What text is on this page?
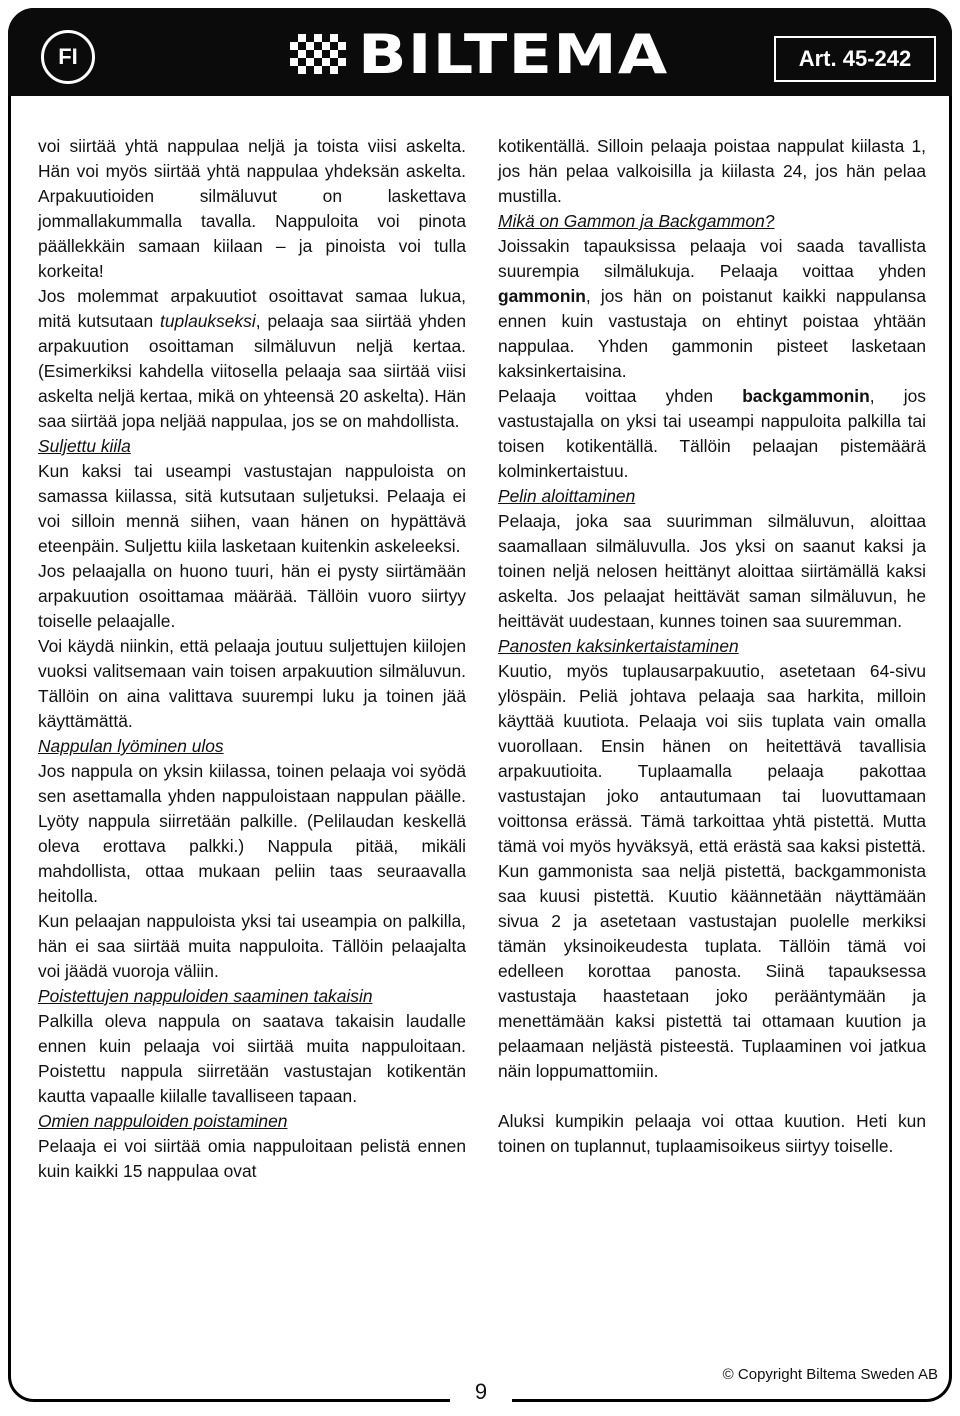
FI	BILTEMA	Art. 45-242

voi siirtää yhtä nappulaa neljä ja toista viisi askelta. Hän voi myös siirtää yhtä nappulaa yhdeksän askelta. Arpakuutioiden silmäluvut on laskettava jommallakummalla tavalla. Nappuloita voi pinota päällekkäin samaan kiilaan – ja pinoista voi tulla korkeita!

Jos molemmat arpakuutiot osoittavat samaa lukua, mitä kutsutaan tuplaukseksi, pelaaja saa siirtää yhden arpakuution osoittaman silmäluvun neljä kertaa. (Esimerkiksi kahdella viitosella pelaaja saa siirtää viisi askelta neljä kertaa, mikä on yhteensä 20 askelta). Hän saa siirtää jopa neljää nappulaa, jos se on mahdollista.

Suljettu kiila

Kun kaksi tai useampi vastustajan nappuloista on samassa kiilassa, sitä kutsutaan suljetuksi. Pelaaja ei voi silloin mennä siihen, vaan hänen on hypättävä eteenpäin. Suljettu kiila lasketaan kuitenkin askeleeksi.

Jos pelaajalla on huono tuuri, hän ei pysty siirtämään arpakuution osoittamaa määrää. Tällöin vuoro siirtyy toiselle pelaajalle.

Voi käydä niinkin, että pelaaja joutuu suljettujen kiilojen vuoksi valitsemaan vain toisen arpakuution silmäluvun. Tällöin on aina valittava suurempi luku ja toinen jää käyttämättä.

Nappulan lyöminen ulos

Jos nappula on yksin kiilassa, toinen pelaaja voi syödä sen asettamalla yhden nappuloistaan nappulan päälle. Lyöty nappula siirretään palkille. (Pelilaudan keskellä oleva erottava palkki.) Nappula pitää, mikäli mahdollista, ottaa mukaan peliin taas seuraavalla heitolla.

Kun pelaajan nappuloista yksi tai useampia on palkilla, hän ei saa siirtää muita nappuloita. Tällöin pelaajalta voi jäädä vuoroja väliin.

Poistettujen nappuloiden saaminen takaisin

Palkilla oleva nappula on saatava takaisin laudalle ennen kuin pelaaja voi siirtää muita nappuloitaan. Poistettu nappula siirretään vastustajan kotikentän kautta vapaalle kiilalle tavalliseen tapaan.

Omien nappuloiden poistaminen

Pelaaja ei voi siirtää omia nappuloitaan pelistä ennen kuin kaikki 15 nappulaa ovat

kotikentällä. Silloin pelaaja poistaa nappulat kiilasta 1, jos hän pelaa valkoisilla ja kiilasta 24, jos hän pelaa mustilla.

Mikä on Gammon ja Backgammon?

Joissakin tapauksissa pelaaja voi saada tavallista suurempia silmälukuja. Pelaaja voittaa yhden gammonin, jos hän on poistanut kaikki nappulansa ennen kuin vastustaja on ehtinyt poistaa yhtään nappulaa. Yhden gammonin pisteet lasketaan kaksinkertaisina.

Pelaaja voittaa yhden backgammonin, jos vastustajalla on yksi tai useampi nappuloita palkilla tai toisen kotikentällä. Tällöin pelaajan pistemäärä kolminkertaistuu.

Pelin aloittaminen

Pelaaja, joka saa suurimman silmäluvun, aloittaa saamallaan silmäluvulla. Jos yksi on saanut kaksi ja toinen neljä nelosen heittänyt aloittaa siirtämällä kaksi askelta. Jos pelaajat heittävät saman silmäluvun, he heittävät uudestaan, kunnes toinen saa suuremman.

Panosten kaksinkertaistaminen

Kuutio, myös tuplausarpakuutio, asetetaan 64-sivu ylöspäin. Peliä johtava pelaaja saa harkita, milloin käyttää kuutiota. Pelaaja voi siis tuplata vain omalla vuorollaan. Ensin hänen on heitettävä tavallisia arpakuutioita. Tuplaamalla pelaaja pakottaa vastustajan joko antautumaan tai luovuttamaan voittonsa erässä. Tämä tarkoittaa yhtä pistettä. Mutta tämä voi myös hyväksyä, että erästä saa kaksi pistettä. Kun gammonista saa neljä pistettä, backgammonista saa kuusi pistettä. Kuutio käännetään näyttämään sivua 2 ja asetetaan vastustajan puolelle merkiksi tämän yksinoikeudesta tuplata. Tällöin tämä voi edelleen korottaa panosta. Siinä tapauksessa vastustaja haastetaan joko perääntymään ja menettämään kaksi pistettä tai ottamaan kuution ja pelaamaan neljästä pisteestä. Tuplaaminen voi jatkua näin loppumattomiin.

Aluksi kumpikin pelaaja voi ottaa kuution. Heti kun toinen on tuplannut, tuplaamisoikeus siirtyy toiselle.

9
© Copyright Biltema Sweden AB
